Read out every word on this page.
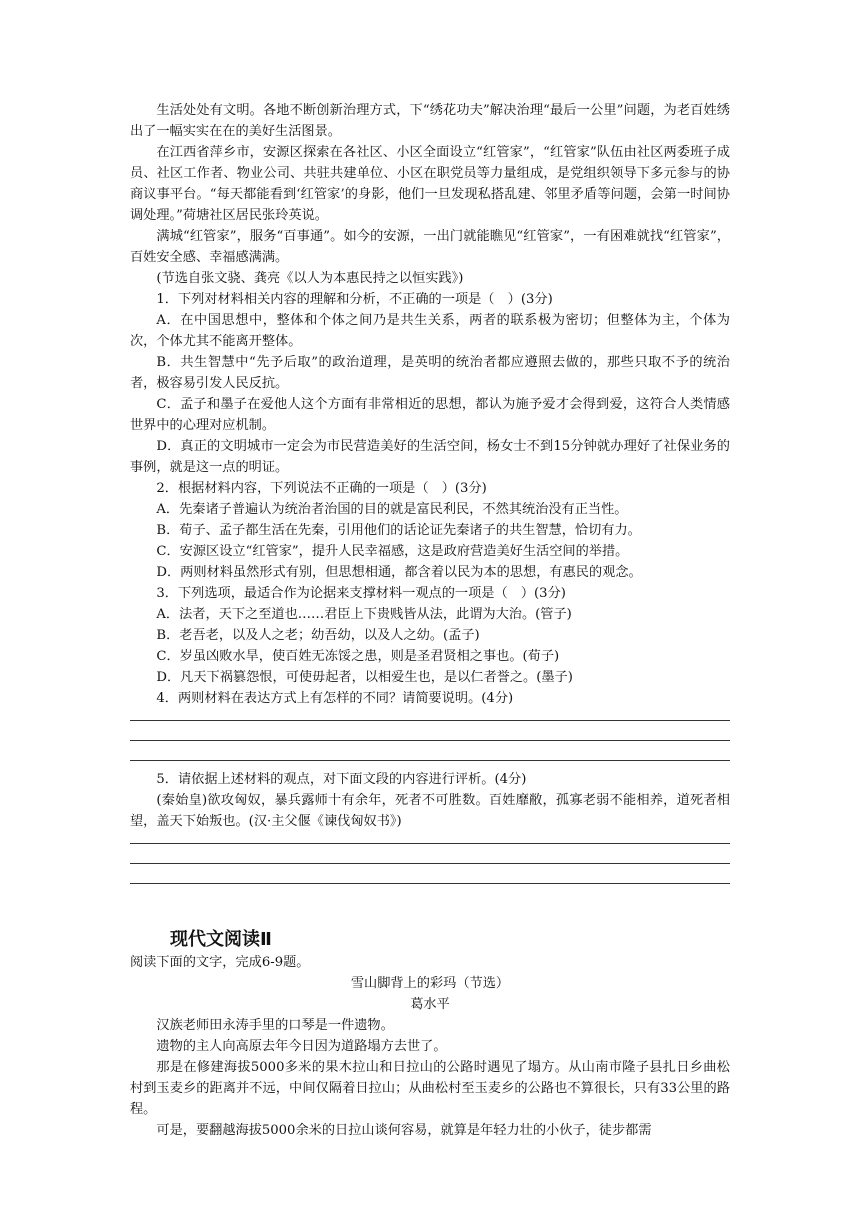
生活处处有文明。各地不断创新治理方式，下“绣花功夫”解决治理“最后一公里”问题，为老百姓绣出了一幅实实在在的美好生活图景。

在江西省萍乡市，安源区探索在各社区、小区全面设立“红管家”，“红管家”队伍由社区两委班子成员、社区工作者、物业公司、共驻共建单位、小区在职党员等力量组成，是党组织领导下多元参与的协商议事平台。“每天都能看到‘红管家’的身影，他们一旦发现私搭乱建、邻里矛盾等问题，会第一时间协调处理。”荷塘社区居民张玲英说。

满城“红管家”，服务“百事通”。如今的安源，一出门就能瞧见“红管家”，一有困难就找“红管家”，百姓安全感、幸福感满满。

(节选自张文骁、龚亮《以人为本惠民持之以恒实践》)

1．下列对材料相关内容的理解和分析，不正确的一项是（　）(3分)

A．在中国思想中，整体和个体之间乃是共生关系，两者的联系极为密切；但整体为主，个体为次，个体尤其不能离开整体。

B．共生智慧中“先予后取”的政治道理，是英明的统治者都应遵照去做的，那些只取不予的统治者，极容易引发人民反抗。

C．孟子和墨子在爱他人这个方面有非常相近的思想，都认为施予爱才会得到爱，这符合人类情感世界中的心理对应机制。

D．真正的文明城市一定会为市民营造美好的生活空间，杨女士不到15分钟就办理好了社保业务的事例，就是这一点的明证。

2．根据材料内容，下列说法不正确的一项是（　）(3分)

A．先秦诸子普遍认为统治者治国的目的就是富民利民，不然其统治没有正当性。

B．荀子、孟子都生活在先秦，引用他们的话论证先秦诸子的共生智慧，恰切有力。

C．安源区设立“红管家”，提升人民幸福感，这是政府营造美好生活空间的举措。

D．两则材料虽然形式有别，但思想相通，都含着以民为本的思想，有惠民的观念。

3．下列选项，最适合作为论据来支撑材料一观点的一项是（　）(3分)

A．法者，天下之至道也……君臣上下贵贱皆从法，此谓为大治。(管子)

B．老吾老，以及人之老；幼吾幼，以及人之幼。(孟子)

C．岁虽凶败水旱，使百姓无冻馁之患，则是圣君贤相之事也。(荀子)

D．凡天下祸篡怨恨，可使毋起者，以相爱生也，是以仁者誉之。(墨子)

4．两则材料在表达方式上有怎样的不同？请简要说明。(4分)

5．请依据上述材料的观点，对下面文段的内容进行评析。(4分)

(秦始皇)欲攻匈奴，暴兵露师十有余年，死者不可胜数。百姓靡敝，孤寡老弱不能相养，道死者相望，盖天下始叛也。(汉·主父偃《谏伐匈奴书》)

现代文阅读Ⅱ

阅读下面的文字，完成6-9题。

雪山脚背上的彩玛（节选）

葛水平

汉族老师田永涛手里的口琴是一件遗物。

遗物的主人向高原去年今日因为道路塌方去世了。

那是在修建海拔5000多米的果木拉山和日拉山的公路时遇见了塌方。从山南市隆子县扎日乡曲松村到玉麦乡的距离并不远，中间仅隔着日拉山；从曲松村至玉麦乡的公路也不算很长，只有33公里的路程。

可是，要翻越海拔5000余米的日拉山谈何容易，就算是年轻力壮的小伙子，徒步都需
